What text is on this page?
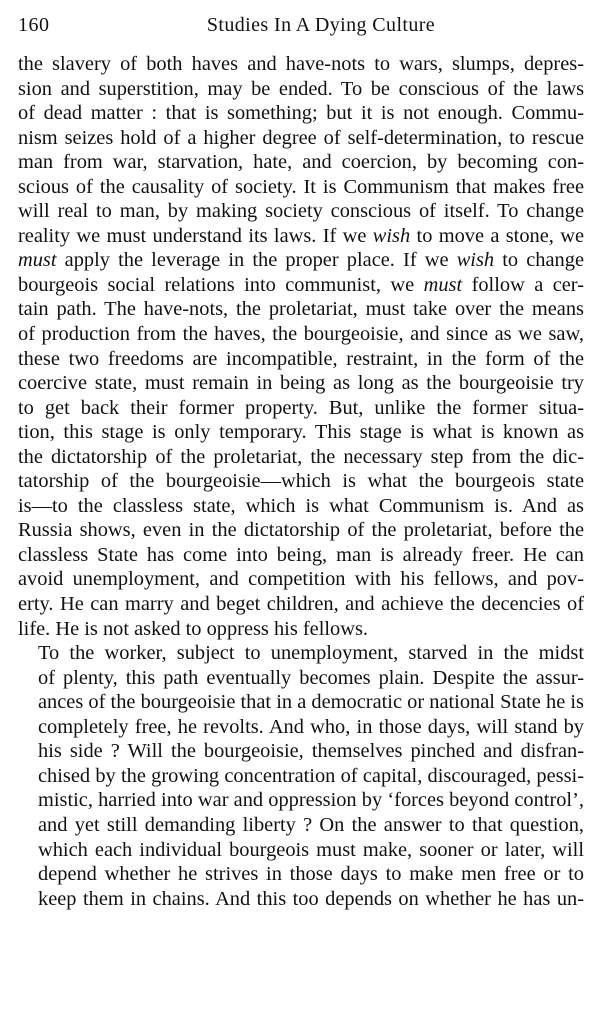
160	Studies In A Dying Culture

the slavery of both haves and have-nots to wars, slumps, depres-
sion and superstition, may be ended. To be conscious of the laws
of dead matter : that is something; but it is not enough. Commu-
nism seizes hold of a higher degree of self-determination, to rescue
man from war, starvation, hate, and coercion, by becoming con-
scious of the causality of society. It is Communism that makes free
will real to man, by making society conscious of itself. To change
reality we must understand its laws. If we wish to move a stone, we
must apply the leverage in the proper place. If we wish to change
bourgeois social relations into communist, we must follow a cer-
tain path. The have-nots, the proletariat, must take over the means
of production from the haves, the bourgeoisie, and since as we saw,
these two freedoms are incompatible, restraint, in the form of the
coercive state, must remain in being as long as the bourgeoisie try
to get back their former property. But, unlike the former situa-
tion, this stage is only temporary. This stage is what is known as
the dictatorship of the proletariat, the necessary step from the dic-
tatorship of the bourgeoisie—which is what the bourgeois state
is—to the classless state, which is what Communism is. And as
Russia shows, even in the dictatorship of the proletariat, before the
classless State has come into being, man is already freer. He can
avoid unemployment, and competition with his fellows, and pov-
erty. He can marry and beget children, and achieve the decencies of
life. He is not asked to oppress his fellows.

To the worker, subject to unemployment, starved in the midst
of plenty, this path eventually becomes plain. Despite the assur-
ances of the bourgeoisie that in a democratic or national State he is
completely free, he revolts. And who, in those days, will stand by
his side ? Will the bourgeoisie, themselves pinched and disfran-
chised by the growing concentration of capital, discouraged, pessi-
mistic, harried into war and oppression by ‘forces beyond control’,
and yet still demanding liberty ? On the answer to that question,
which each individual bourgeois must make, sooner or later, will
depend whether he strives in those days to make men free or to
keep them in chains. And this too depends on whether he has un-
